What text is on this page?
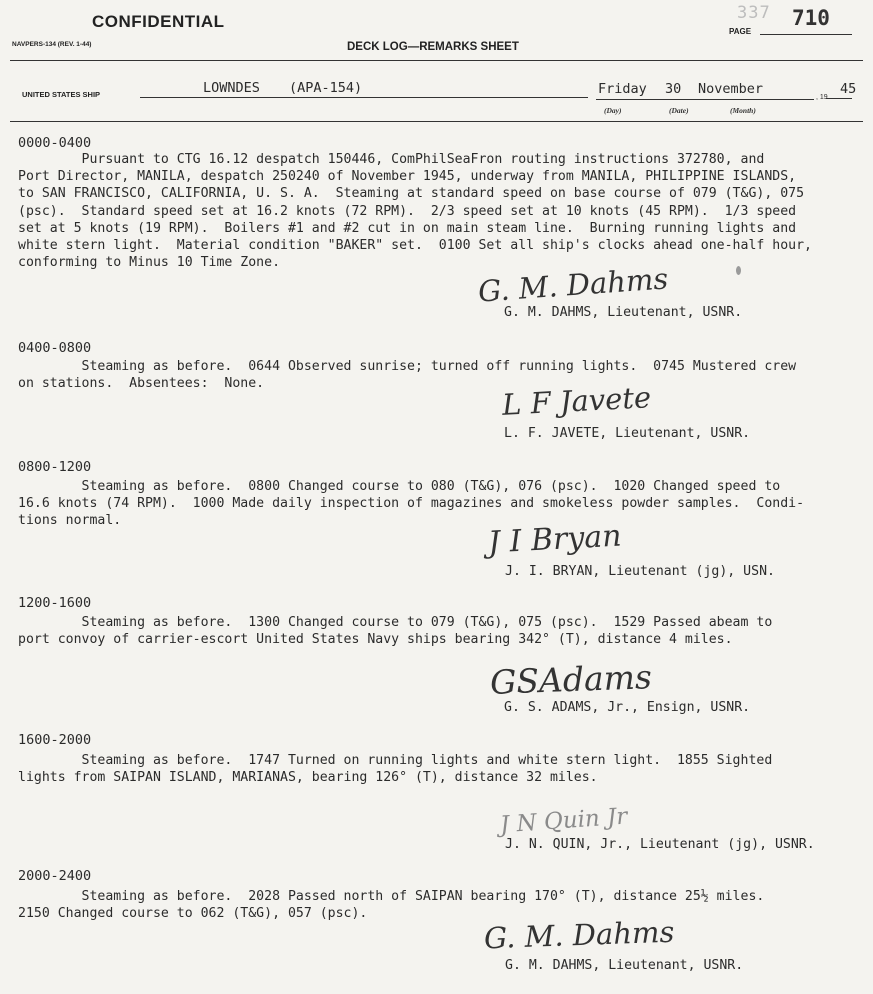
CONFIDENTIAL	337 710
PAGE
NAVPERS-134 (REV. 1-44)	DECK LOG—REMARKS SHEET
UNITED STATES SHIP	LOWNDES (APA-154)	Friday 30 November
(Day)	(Date)	(Month)
, 19
45
0000-0400
Pursuant to CTG 16.12 despatch 150446, ComPhilSeaFron routing instructions 372780, and
Port Director, MANILA, despatch 250240 of November 1945, underway from MANILA, PHILIPPINE ISLANDS,
to SAN FRANCISCO, CALIFORNIA, U. S. A.  Steaming at standard speed on base course of 079 (T&G), 075
(psc).  Standard speed set at 16.2 knots (72 RPM).  2/3 speed set at 10 knots (45 RPM).  1/3 speed
set at 5 knots (19 RPM).  Boilers #1 and #2 cut in on main steam line.  Burning running lights and
white stern light.  Material condition "BAKER" set.  0100 Set all ship's clocks ahead one-half hour,
conforming to Minus 10 Time Zone.	G. M. Dahms
G. M. DAHMS, Lieutenant, USNR.
0400-0800
Steaming as before.  0644 Observed sunrise; turned off running lights.  0745 Mustered crew
on stations.  Absentees:  None.	L F Javete
L. F. JAVETE, Lieutenant, USNR.
0800-1200
Steaming as before.  0800 Changed course to 080 (T&G), 076 (psc).  1020 Changed speed to
16.6 knots (74 RPM).  1000 Made daily inspection of magazines and smokeless powder samples.  Condi-
tions normal.	J I Bryan
J. I. BRYAN, Lieutenant (jg), USN.
1200-1600
Steaming as before.  1300 Changed course to 079 (T&G), 075 (psc).  1529 Passed abeam to
port convoy of carrier-escort United States Navy ships bearing 342° (T), distance 4 miles.
GSAdams
G. S. ADAMS, Jr., Ensign, USNR.
1600-2000
Steaming as before.  1747 Turned on running lights and white stern light.  1855 Sighted
lights from SAIPAN ISLAND, MARIANAS, bearing 126° (T), distance 32 miles.
J N Quin Jr
J. N. QUIN, Jr., Lieutenant (jg), USNR.
2000-2400
Steaming as before.  2028 Passed north of SAIPAN bearing 170° (T), distance 25½ miles.
2150 Changed course to 062 (T&G), 057 (psc).
G. M. Dahms
G. M. DAHMS, Lieutenant, USNR.
